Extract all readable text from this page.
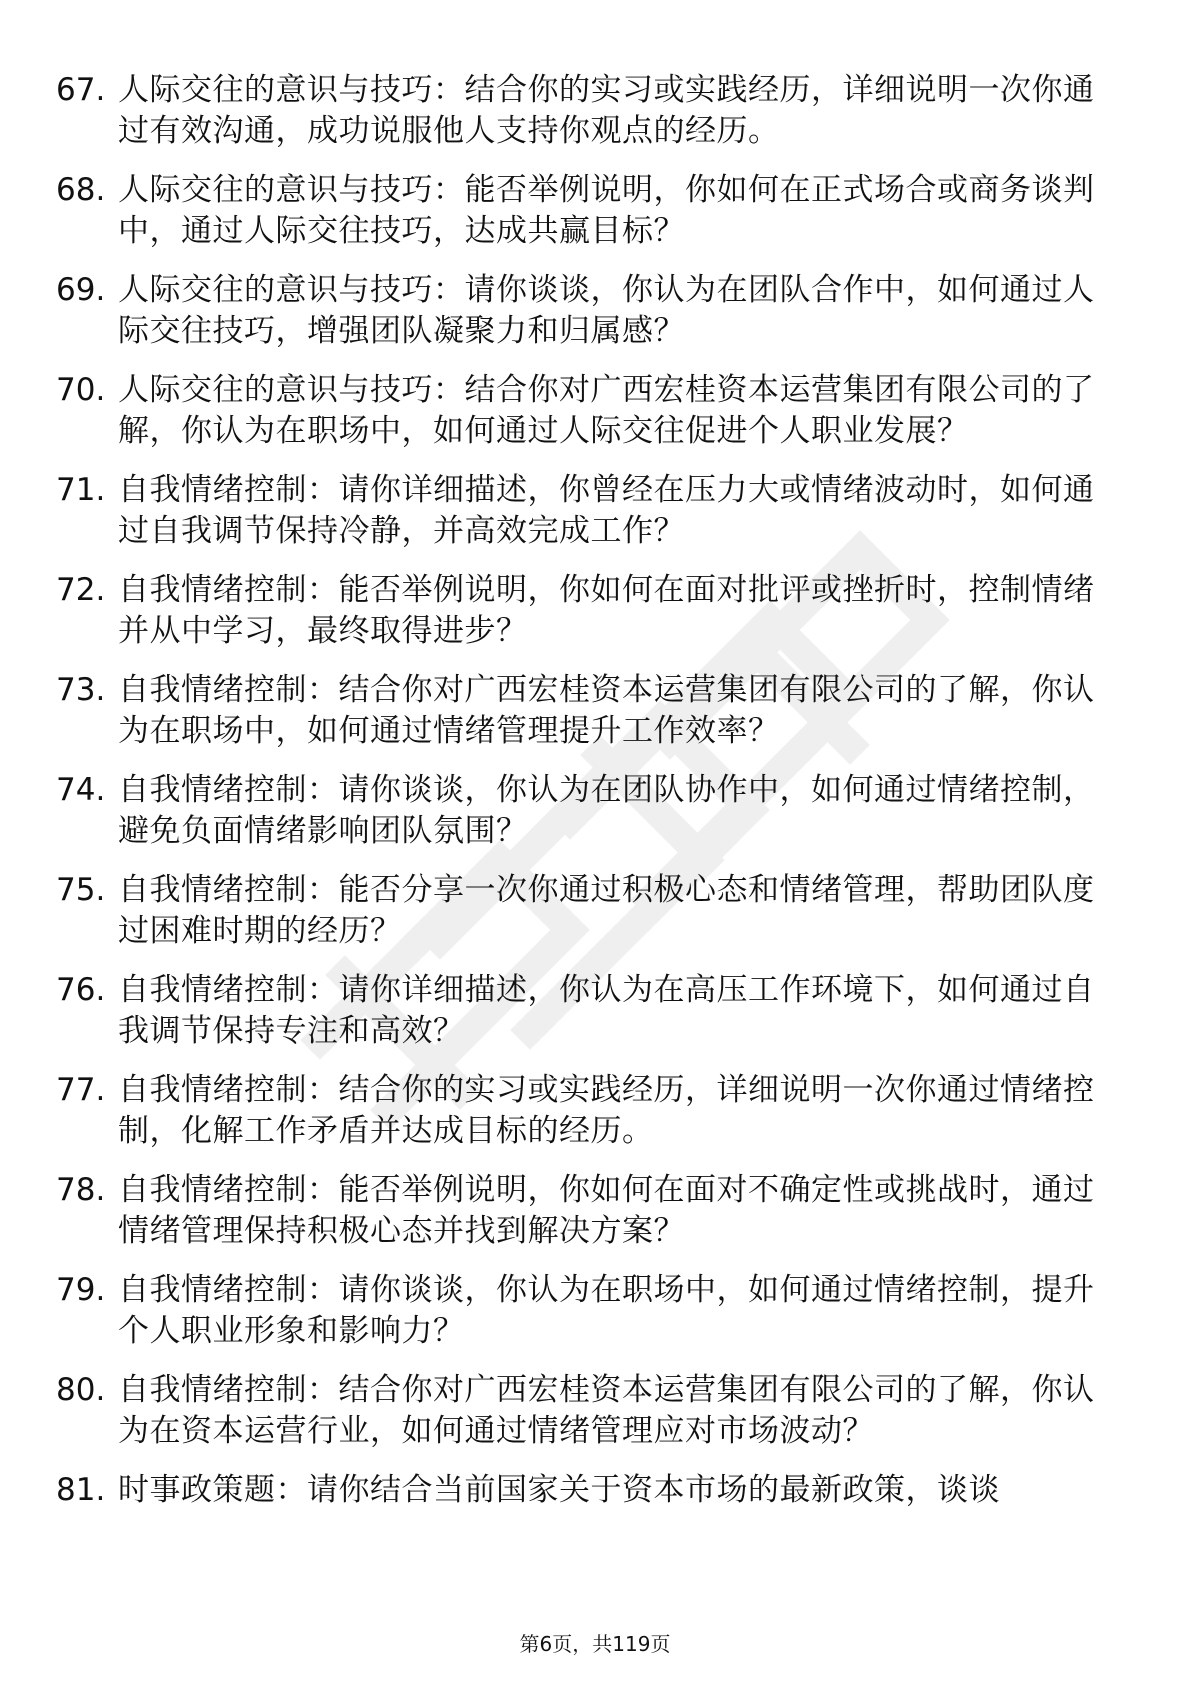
67. 人际交往的意识与技巧：结合你的实习或实践经历，详细说明一次你通过有效沟通，成功说服他人支持你观点的经历。
68. 人际交往的意识与技巧：能否举例说明，你如何在正式场合或商务谈判中，通过人际交往技巧，达成共赢目标？
69. 人际交往的意识与技巧：请你谈谈，你认为在团队合作中，如何通过人际交往技巧，增强团队凝聚力和归属感？
70. 人际交往的意识与技巧：结合你对广西宏桂资本运营集团有限公司的了解，你认为在职场中，如何通过人际交往促进个人职业发展？
71. 自我情绪控制：请你详细描述，你曾经在压力大或情绪波动时，如何通过自我调节保持冷静，并高效完成工作？
72. 自我情绪控制：能否举例说明，你如何在面对批评或挫折时，控制情绪并从中学习，最终取得进步？
73. 自我情绪控制：结合你对广西宏桂资本运营集团有限公司的了解，你认为在职场中，如何通过情绪管理提升工作效率？
74. 自我情绪控制：请你谈谈，你认为在团队协作中，如何通过情绪控制，避免负面情绪影响团队氛围？
75. 自我情绪控制：能否分享一次你通过积极心态和情绪管理，帮助团队度过困难时期的经历？
76. 自我情绪控制：请你详细描述，你认为在高压工作环境下，如何通过自我调节保持专注和高效？
77. 自我情绪控制：结合你的实习或实践经历，详细说明一次你通过情绪控制，化解工作矛盾并达成目标的经历。
78. 自我情绪控制：能否举例说明，你如何在面对不确定性或挑战时，通过情绪管理保持积极心态并找到解决方案？
79. 自我情绪控制：请你谈谈，你认为在职场中，如何通过情绪控制，提升个人职业形象和影响力？
80. 自我情绪控制：结合你对广西宏桂资本运营集团有限公司的了解，你认为在资本运营行业，如何通过情绪管理应对市场波动？
81. 时事政策题：请你结合当前国家关于资本市场的最新政策，谈谈
第6页，共119页
